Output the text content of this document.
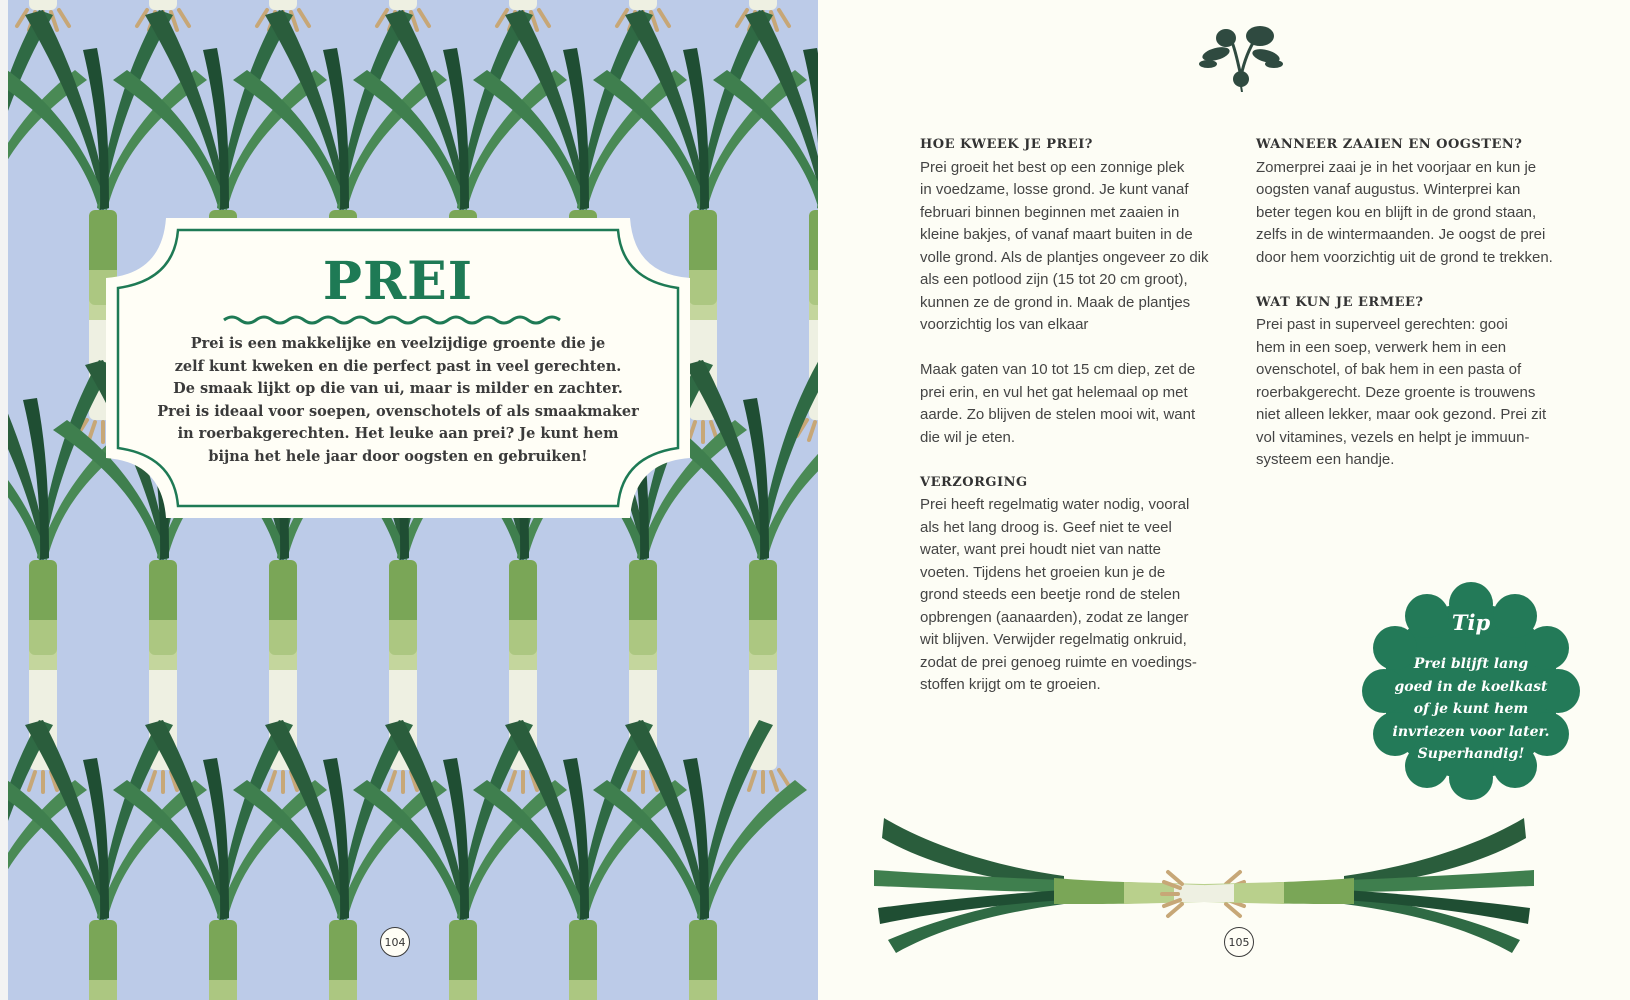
PREI
Prei is een makkelijke en veelzijdige groente die je
zelf kunt kweken en die perfect past in veel gerechten.
De smaak lijkt op die van ui, maar is milder en zachter.
Prei is ideaal voor soepen, ovenschotels of als smaakmaker
in roerbakgerechten. Het leuke aan prei? Je kunt hem
bijna het hele jaar door oogsten en gebruiken!
104
HOE KWEEK JE PREI?

Prei groeit het best op een zonnige plek
in voedzame, losse grond. Je kunt vanaf
februari binnen beginnen met zaaien in
kleine bakjes, of vanaf maart buiten in de
volle grond. Als de plantjes ongeveer zo dik
als een potlood zijn (15 tot 20 cm groot),
kunnen ze de grond in. Maak de plantjes
voorzichtig los van elkaar

Maak gaten van 10 tot 15 cm diep, zet de
prei erin, en vul het gat helemaal op met
aarde. Zo blijven de stelen mooi wit, want
die wil je eten.

VERZORGING

Prei heeft regelmatig water nodig, vooral
als het lang droog is. Geef niet te veel
water, want prei houdt niet van natte
voeten. Tijdens het groeien kun je de
grond steeds een beetje rond de stelen
opbrengen (aanaarden), zodat ze langer
wit blijven. Verwijder regelmatig onkruid,
zodat de prei genoeg ruimte en voedings-
stoffen krijgt om te groeien.

WANNEER ZAAIEN EN OOGSTEN?

Zomerprei zaai je in het voorjaar en kun je
oogsten vanaf augustus. Winterprei kan
beter tegen kou en blijft in de grond staan,
zelfs in de wintermaanden. Je oogst de prei
door hem voorzichtig uit de grond te trekken.

WAT KUN JE ERMEE?

Prei past in superveel gerechten: gooi
hem in een soep, verwerk hem in een
ovenschotel, of bak hem in een pasta of
roerbakgerecht. Deze groente is trouwens
niet alleen lekker, maar ook gezond. Prei zit
vol vitamines, vezels en helpt je immuun-
systeem een handje.

Tip

Prei blijft lang
goed in de koelkast
of je kunt hem
invriezen voor later.
Superhandig!

105
